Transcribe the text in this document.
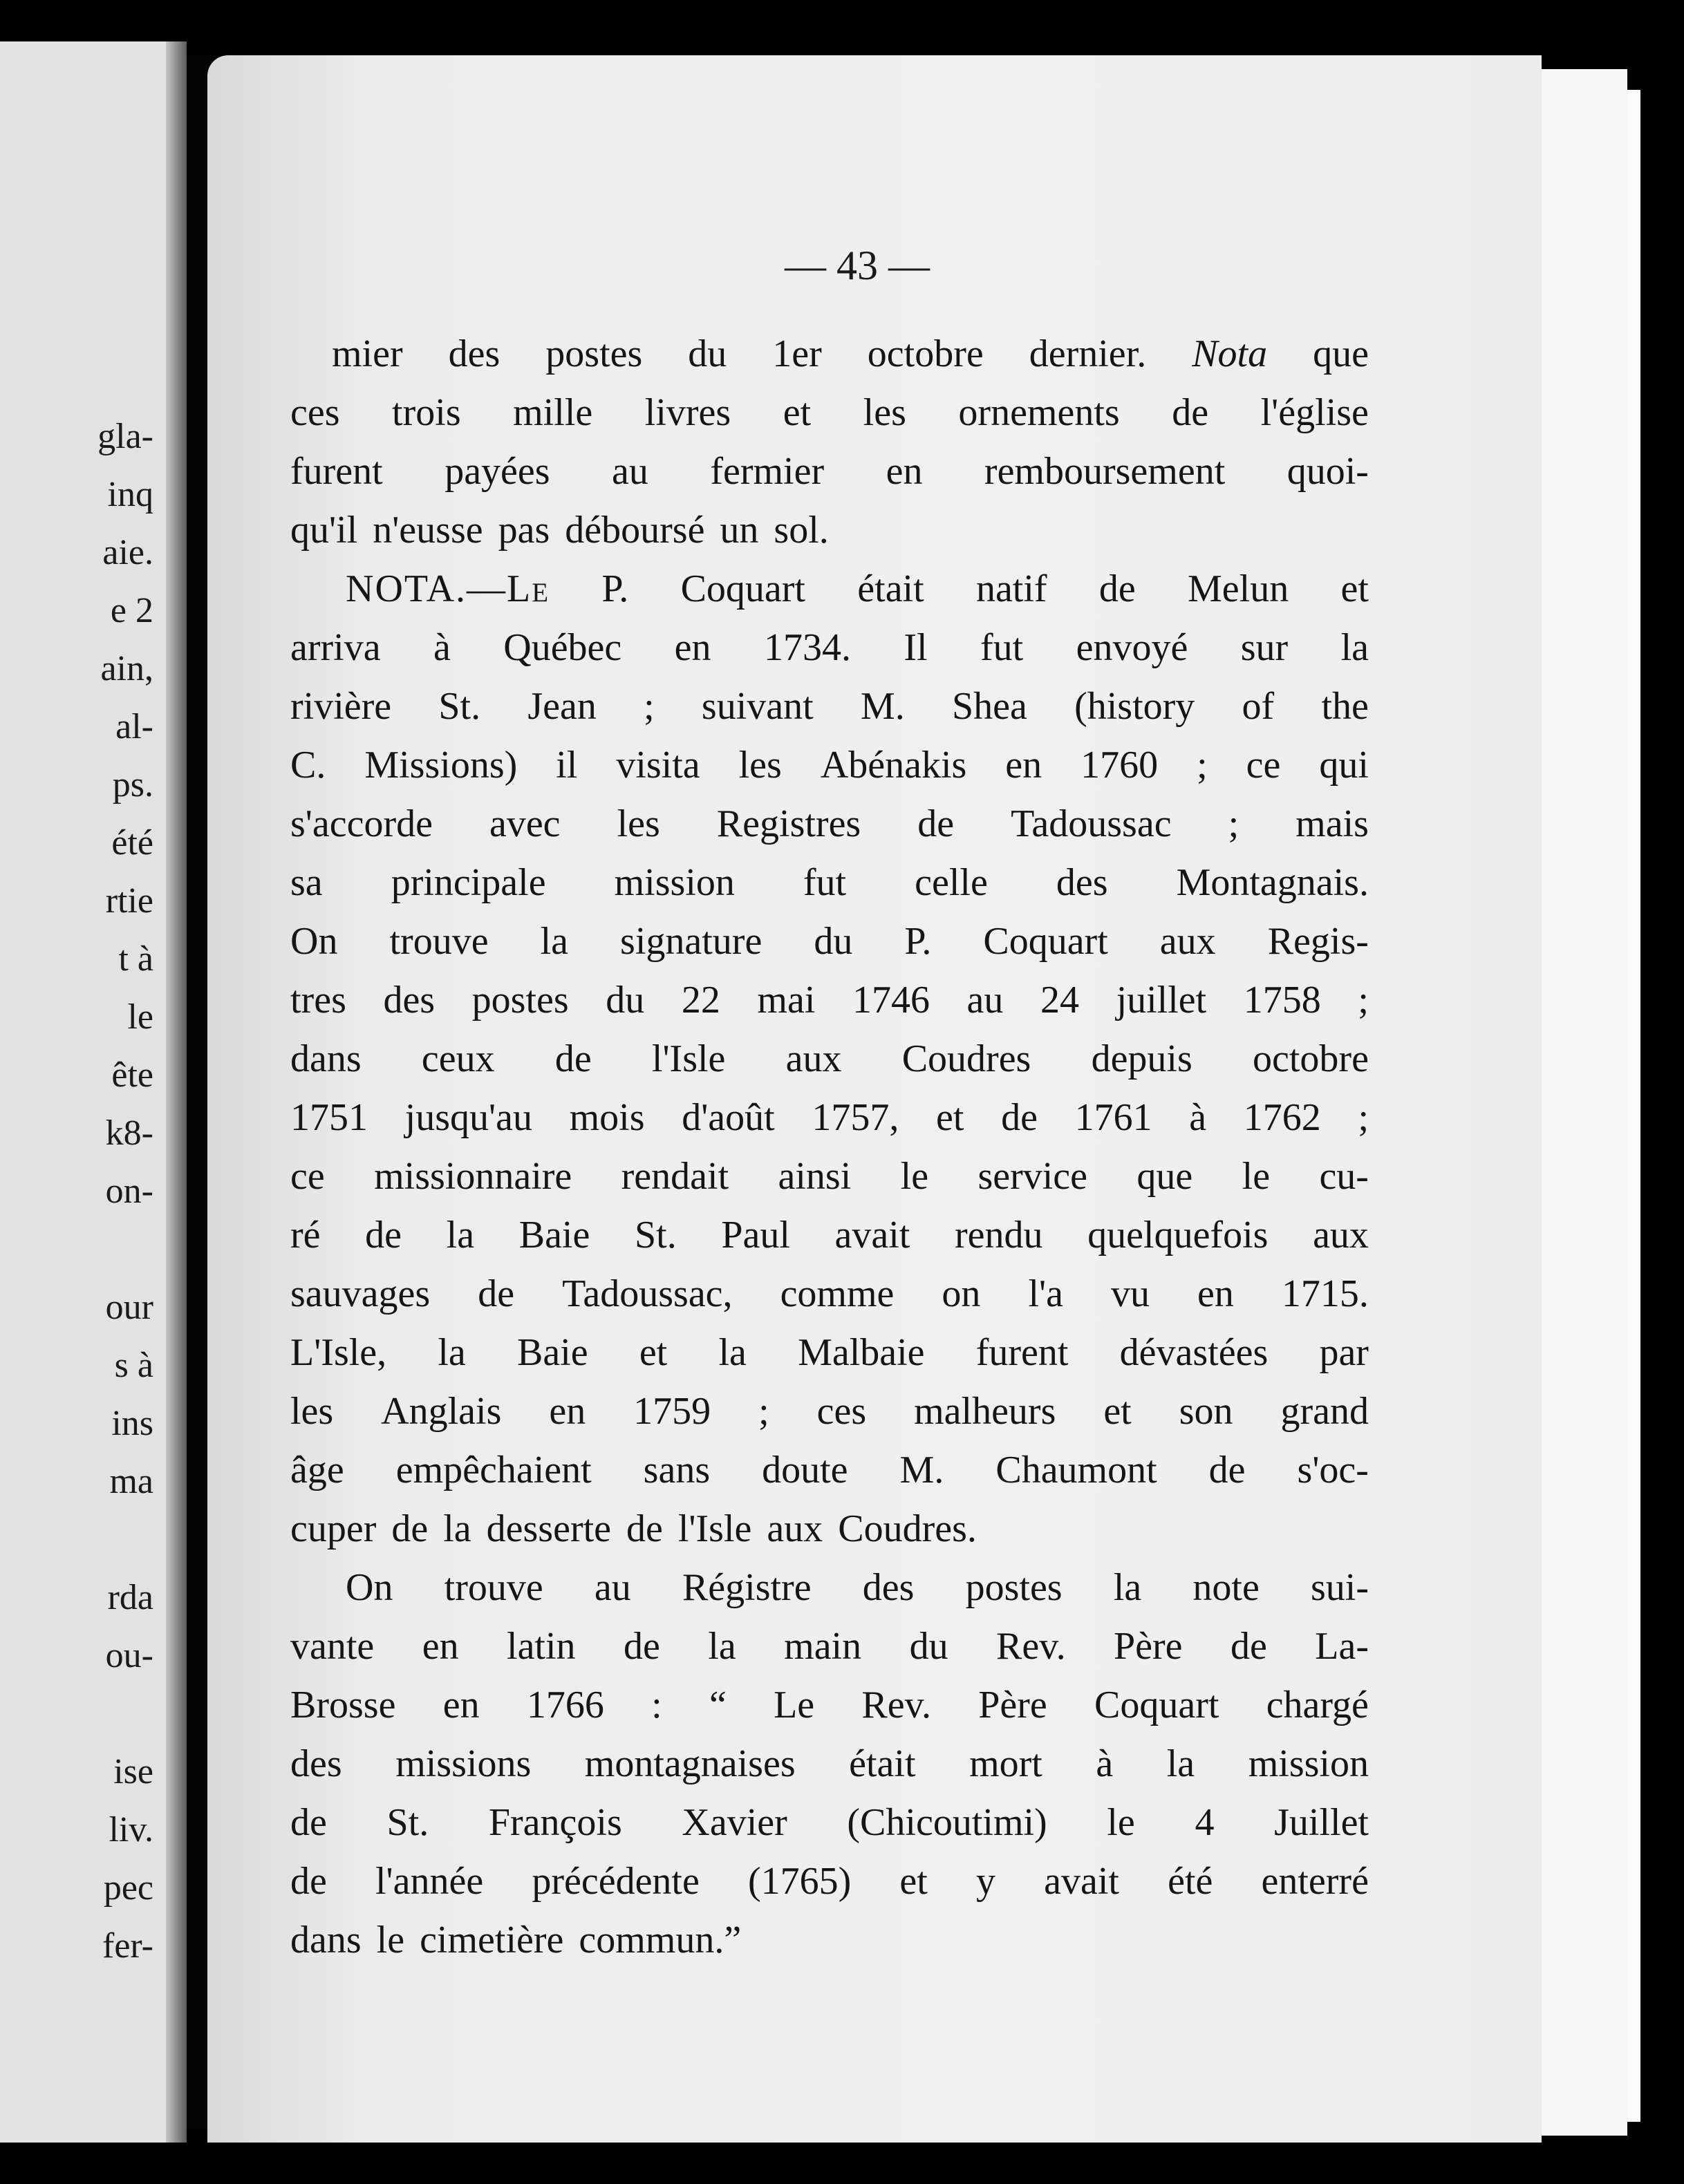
gla-
inq
aie.
e 2
ain,
al-
ps.
été
rtie
t à
le
ête
k8-
on-

our
s à
ins
ma

rda
ou-

ise
liv.
pec
fer-
— 43 —
mier des postes du 1er octobre dernier. Nota que
ces trois mille livres et les ornements de l'église
furent payées au fermier en remboursement quoi-
qu'il n'eusse pas déboursé un sol.
NOTA.—Le P. Coquart était natif de Melun et
arriva à Québec en 1734. Il fut envoyé sur la
rivière St. Jean ; suivant M. Shea (history of the
C. Missions) il visita les Abénakis en 1760 ; ce qui
s'accorde avec les Registres de Tadoussac ; mais
sa principale mission fut celle des Montagnais.
On trouve la signature du P. Coquart aux Regis-
tres des postes du 22 mai 1746 au 24 juillet 1758 ;
dans ceux de l'Isle aux Coudres depuis octobre
1751 jusqu'au mois d'août 1757, et de 1761 à 1762 ;
ce missionnaire rendait ainsi le service que le cu-
ré de la Baie St. Paul avait rendu quelquefois aux
sauvages de Tadoussac, comme on l'a vu en 1715.
L'Isle, la Baie et la Malbaie furent dévastées par
les Anglais en 1759 ; ces malheurs et son grand
âge empêchaient sans doute M. Chaumont de s'oc-
cuper de la desserte de l'Isle aux Coudres.
On trouve au Régistre des postes la note sui-
vante en latin de la main du Rev. Père de La-
Brosse en 1766 : “ Le Rev. Père Coquart chargé
des missions montagnaises était mort à la mission
de St. François Xavier (Chicoutimi) le 4 Juillet
de l'année précédente (1765) et y avait été enterré
dans le cimetière commun.”
